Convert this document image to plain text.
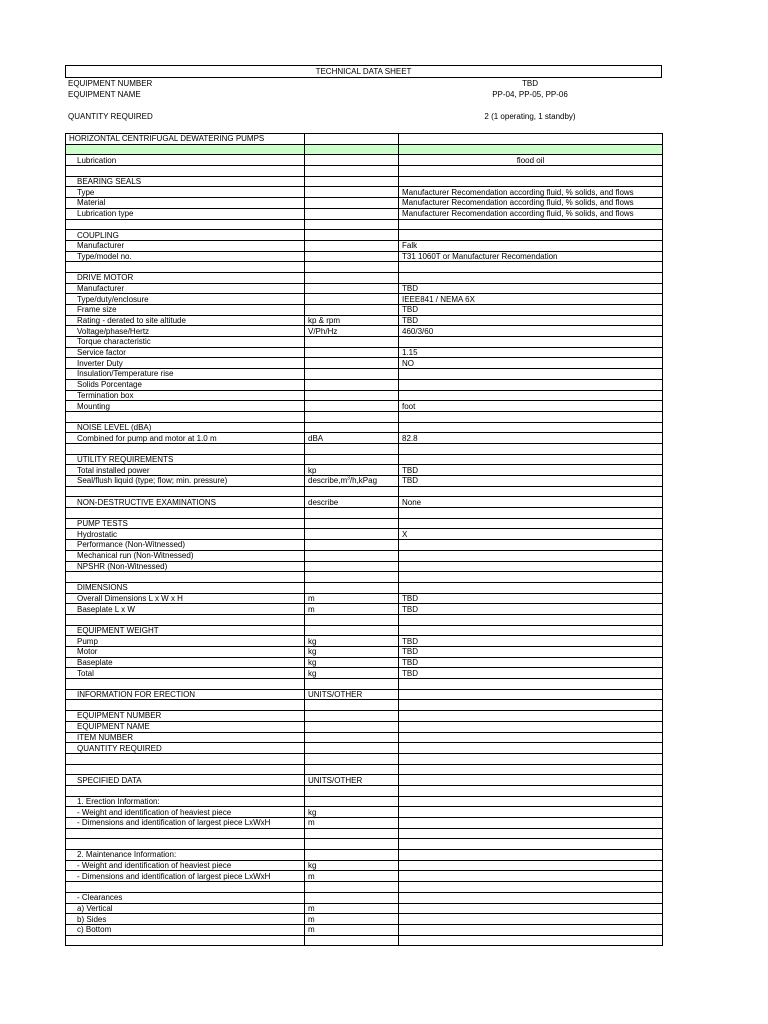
TECHNICAL DATA SHEET
EQUIPMENT NUMBER	TBD
EQUIPMENT NAME	PP-04, PP-05, PP-06
QUANTITY REQUIRED	2 (1 operating, 1 standby)
HORIZONTAL CENTRIFUGAL DEWATERING PUMPS		

Lubrication		flood oil

BEARING SEALS		
Type		Manufacturer Recomendation according fluid, % solids, and flows
Material		Manufacturer Recomendation according fluid, % solids, and flows
Lubrication type		Manufacturer Recomendation according fluid, % solids, and flows

COUPLING		
Manufacturer		Falk
Type/model no.		T31 1060T or Manufacturer Recomendation

DRIVE MOTOR		
Manufacturer		TBD
Type/duty/enclosure		IEEE841 / NEMA 6X
Frame size		TBD
Rating - derated to site altitude	kp & rpm	TBD
Voltage/phase/Hertz	V/Ph/Hz	460/3/60
Torque characteristic		
Service factor		1.15
Inverter Duty		NO
Insulation/Temperature rise		
Solids Porcentage		
Termination box		
Mounting		foot

NOISE LEVEL (dBA)		
Combined for pump and motor at 1.0 m	dBA	82.8

UTILITY REQUIREMENTS		
Total installed power	kp	TBD
Seal/flush liquid (type; flow; min. pressure)	$describe,m^3/h,kPag$	TBD

NON-DESTRUCTIVE EXAMINATIONS	describe	None

PUMP TESTS		
Hydrostatic		X
Performance (Non-Witnessed)		
Mechanical run (Non-Witnessed)		
NPSHR (Non-Witnessed)		

DIMENSIONS		
Overall Dimensions L x W x H	m	TBD
Baseplate L x W	m	TBD

EQUIPMENT WEIGHT		
Pump	kg	TBD
Motor	kg	TBD
Baseplate	kg	TBD
Total	kg	TBD

INFORMATION FOR ERECTION	UNITS/OTHER	

EQUIPMENT NUMBER		
EQUIPMENT NAME		
ITEM NUMBER		
QUANTITY REQUIRED		

SPECIFIED DATA	UNITS/OTHER	

1. Erection Information:		
- Weight and identification of heaviest piece	kg	
- Dimensions and identification of largest piece LxWxH	m	

2. Maintenance Information:		
- Weight and identification of heaviest piece	kg	
- Dimensions and identification of largest piece LxWxH	m	

- Clearances		
a) Vertical	m	
b) Sides	m	
c) Bottom	m	
